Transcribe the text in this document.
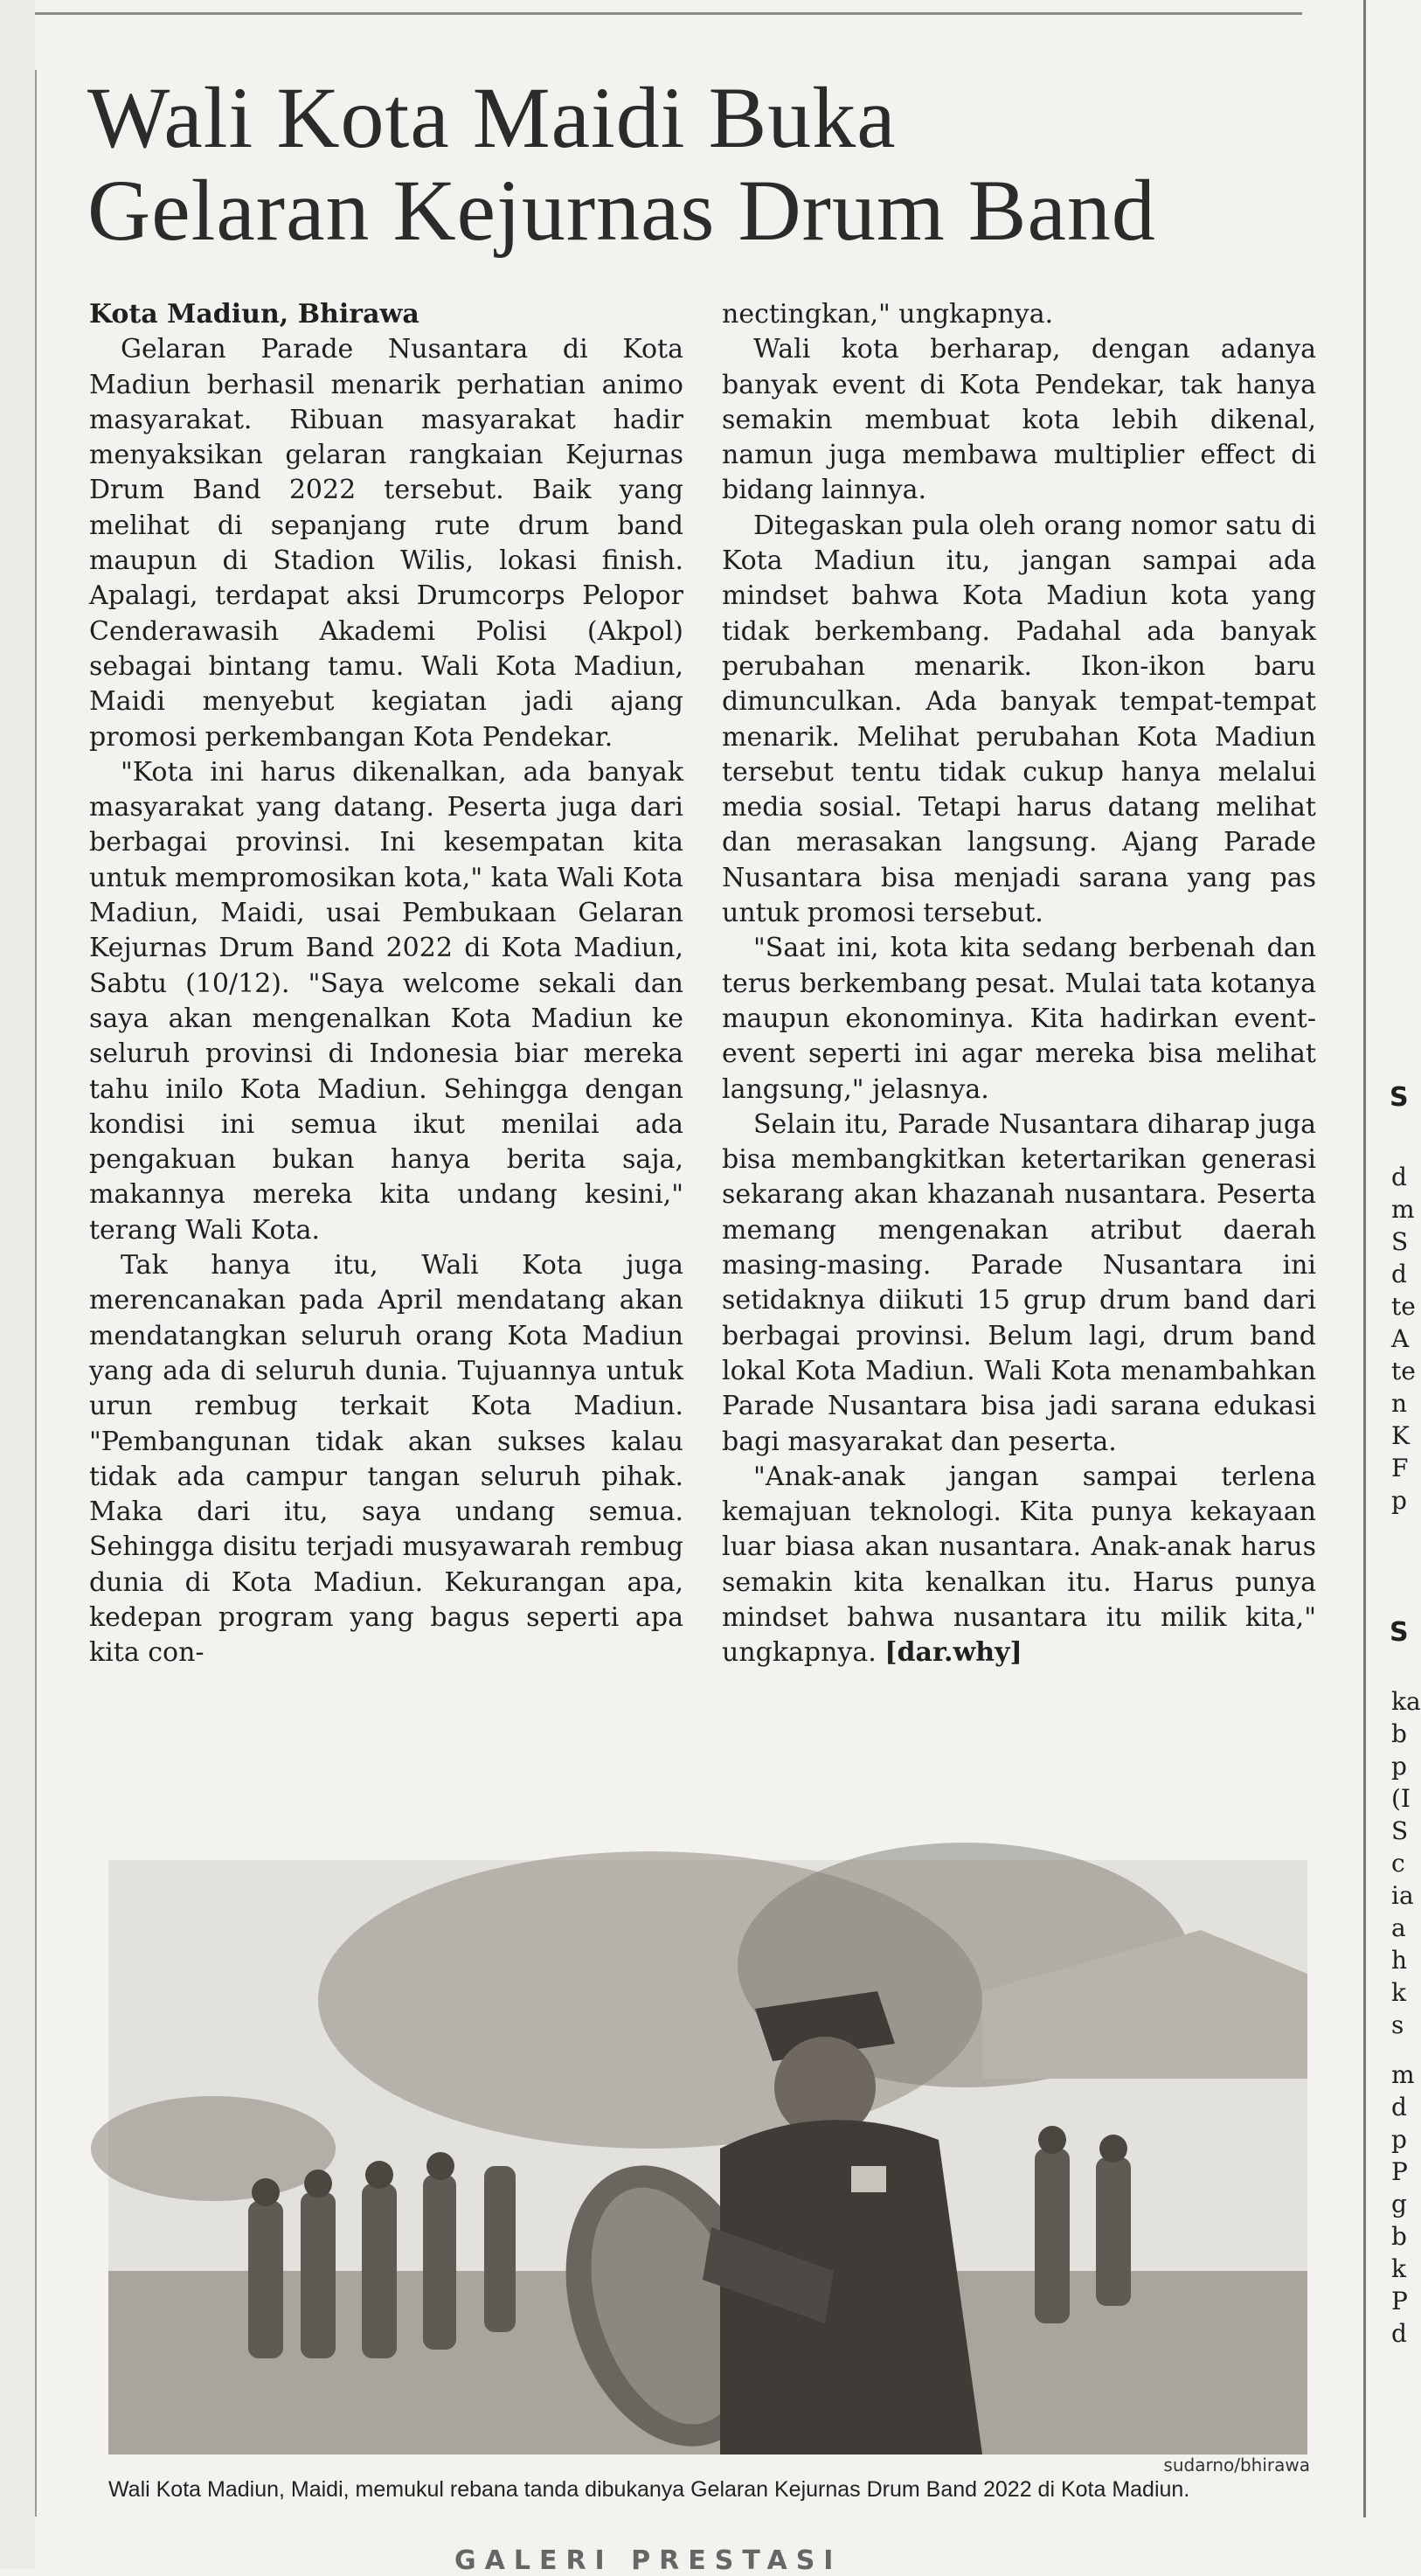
Wali Kota Maidi Buka
Gelaran Kejurnas Drum Band

Kota Madiun, Bhirawa

Gelaran Parade Nusantara di Kota Madiun berhasil menarik perhatian animo masyarakat. Ribuan masyarakat hadir menyaksikan gelaran rangkaian Kejurnas Drum Band 2022 tersebut. Baik yang melihat di sepanjang rute drum band maupun di Stadion Wilis, lokasi finish. Apalagi, terdapat aksi Drumcorps Pelopor Cenderawasih Akademi Polisi (Akpol) sebagai bintang tamu. Wali Kota Madiun, Maidi menyebut kegiatan jadi ajang promosi perkembangan Kota Pendekar.

"Kota ini harus dikenalkan, ada banyak masyarakat yang datang. Peserta juga dari berbagai provinsi. Ini kesempatan kita untuk mempromosikan kota," kata Wali Kota Madiun, Maidi, usai Pembukaan Gelaran Kejurnas Drum Band 2022 di Kota Madiun, Sabtu (10/12). "Saya welcome sekali dan saya akan mengenalkan Kota Madiun ke seluruh provinsi di Indonesia biar mereka tahu inilo Kota Madiun. Sehingga dengan kondisi ini semua ikut menilai ada pengakuan bukan hanya berita saja, makannya mereka kita undang kesini," terang Wali Kota.

Tak hanya itu, Wali Kota juga merencanakan pada April mendatang akan mendatangkan seluruh orang Kota Madiun yang ada di seluruh dunia. Tujuannya untuk urun rembug terkait Kota Madiun. "Pembangunan tidak akan sukses kalau tidak ada campur tangan seluruh pihak. Maka dari itu, saya undang semua. Sehingga disitu terjadi musyawarah rembug dunia di Kota Madiun. Kekurangan apa, kedepan program yang bagus seperti apa kita con-

nectingkan," ungkapnya.

Wali kota berharap, dengan adanya banyak event di Kota Pendekar, tak hanya semakin membuat kota lebih dikenal, namun juga membawa multiplier effect di bidang lainnya.

Ditegaskan pula oleh orang nomor satu di Kota Madiun itu, jangan sampai ada mindset bahwa Kota Madiun kota yang tidak berkembang. Padahal ada banyak perubahan menarik. Ikon-ikon baru dimunculkan. Ada banyak tempat-tempat menarik. Melihat perubahan Kota Madiun tersebut tentu tidak cukup hanya melalui media sosial. Tetapi harus datang melihat dan merasakan langsung. Ajang Parade Nusantara bisa menjadi sarana yang pas untuk promosi tersebut.

"Saat ini, kota kita sedang berbenah dan terus berkembang pesat. Mulai tata kotanya maupun ekonominya. Kita hadirkan event-event seperti ini agar mereka bisa melihat langsung," jelasnya.

Selain itu, Parade Nusantara diharap juga bisa membangkitkan ketertarikan generasi sekarang akan khazanah nusantara. Peserta memang mengenakan atribut daerah masing-masing. Parade Nusantara ini setidaknya diikuti 15 grup drum band dari berbagai provinsi. Belum lagi, drum band lokal Kota Madiun. Wali Kota menambahkan Parade Nusantara bisa jadi sarana edukasi bagi masyarakat dan peserta.

"Anak-anak jangan sampai terlena kemajuan teknologi. Kita punya kekayaan luar biasa akan nusantara. Anak-anak harus semakin kita kenalkan itu. Harus punya mindset bahwa nusantara itu milik kita," ungkapnya. [dar.why]

sudarno/bhirawa
Wali Kota Madiun, Maidi, memukul rebana tanda dibukanya Gelaran Kejurnas Drum Band 2022 di Kota Madiun.
S
d
m
S
d
te
A
te
n
K
F
p
S
ka
b
p
(I
S
c
ia
a
h
k
s
m
d
p
P
g
b
k
P
d
GALERI PRESTASI
